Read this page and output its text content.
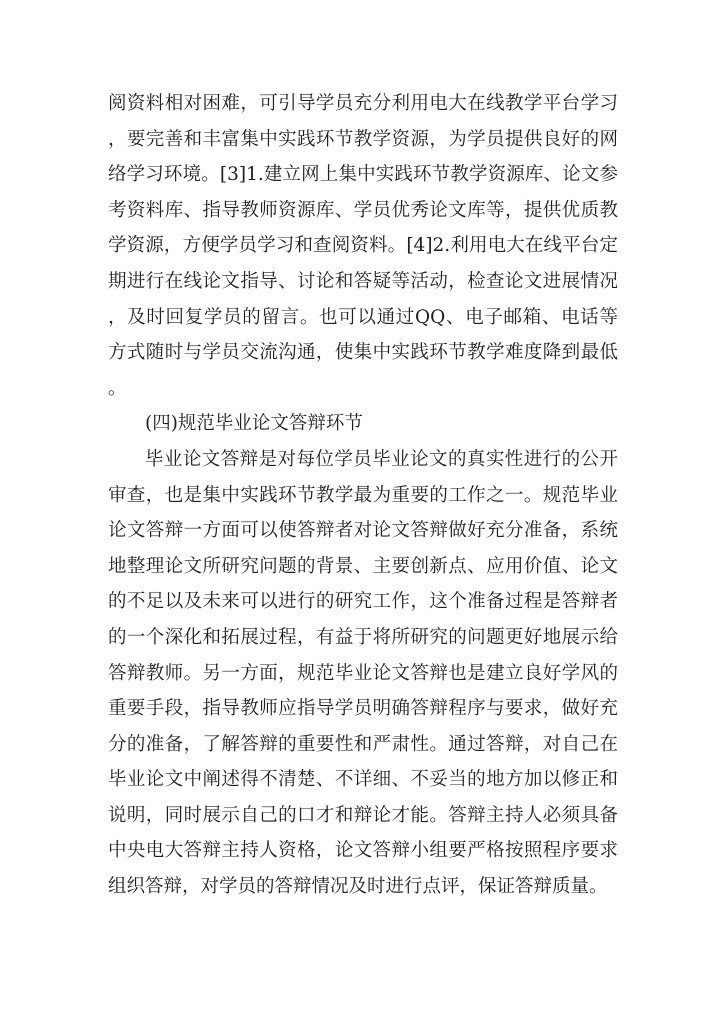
阅资料相对困难，可引导学员充分利用电大在线教学平台学习，要完善和丰富集中实践环节教学资源，为学员提供良好的网络学习环境。[3]1.建立网上集中实践环节教学资源库、论文参考资料库、指导教师资源库、学员优秀论文库等，提供优质教学资源，方便学员学习和查阅资料。[4]2.利用电大在线平台定期进行在线论文指导、讨论和答疑等活动，检查论文进展情况，及时回复学员的留言。也可以通过QQ、电子邮箱、电话等方式随时与学员交流沟通，使集中实践环节教学难度降到最低。

(四)规范毕业论文答辩环节

毕业论文答辩是对每位学员毕业论文的真实性进行的公开审查，也是集中实践环节教学最为重要的工作之一。规范毕业论文答辩一方面可以使答辩者对论文答辩做好充分准备，系统地整理论文所研究问题的背景、主要创新点、应用价值、论文的不足以及未来可以进行的研究工作，这个准备过程是答辩者的一个深化和拓展过程，有益于将所研究的问题更好地展示给答辩教师。另一方面，规范毕业论文答辩也是建立良好学风的重要手段，指导教师应指导学员明确答辩程序与要求，做好充分的准备，了解答辩的重要性和严肃性。通过答辩，对自己在毕业论文中阐述得不清楚、不详细、不妥当的地方加以修正和说明，同时展示自己的口才和辩论才能。答辩主持人必须具备中央电大答辩主持人资格，论文答辩小组要严格按照程序要求组织答辩，对学员的答辩情况及时进行点评，保证答辩质量。
